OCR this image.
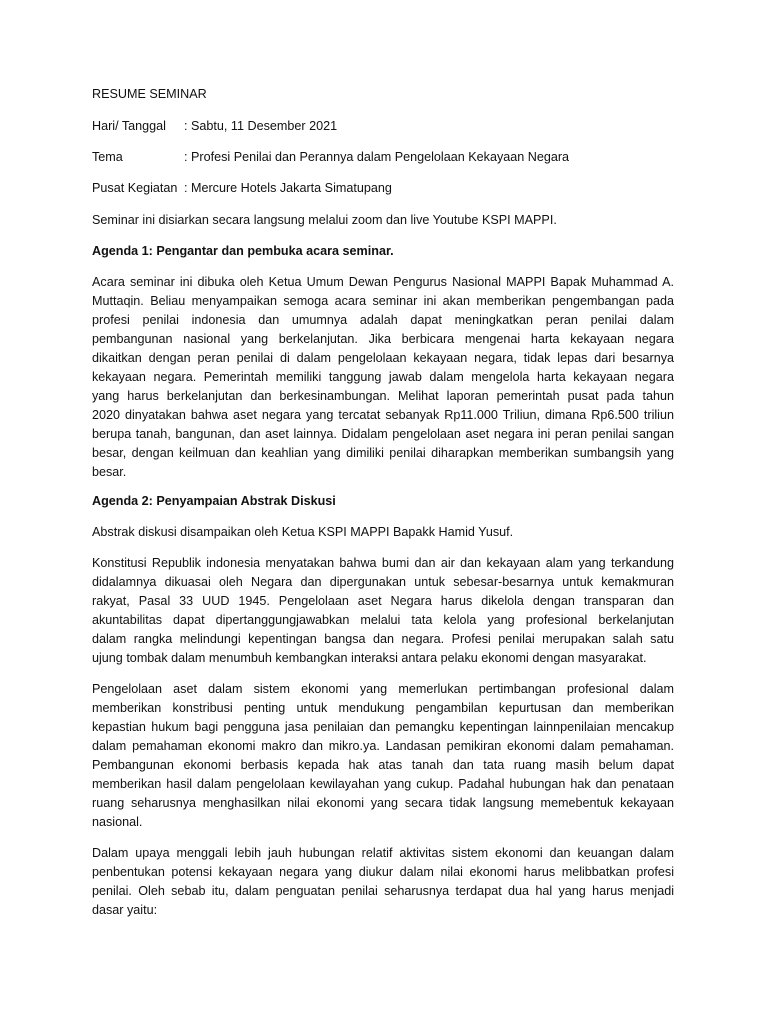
RESUME SEMINAR
Hari/ Tanggal : Sabtu, 11 Desember 2021
Tema	: Profesi Penilai dan Perannya dalam Pengelolaan Kekayaan Negara
Pusat Kegiatan : Mercure Hotels Jakarta Simatupang
Seminar ini disiarkan secara langsung melalui zoom dan live Youtube KSPI MAPPI.
Agenda 1: Pengantar dan pembuka acara seminar.
Acara seminar ini dibuka oleh Ketua Umum Dewan Pengurus Nasional MAPPI Bapak Muhammad A.
Muttaqin. Beliau menyampaikan semoga acara seminar ini akan memberikan pengembangan pada
profesi penilai indonesia dan umumnya adalah dapat meningkatkan peran penilai dalam
pembangunan nasional yang berkelanjutan. Jika berbicara mengenai harta kekayaan negara
dikaitkan dengan peran penilai di dalam pengelolaan kekayaan negara, tidak lepas dari besarnya
kekayaan negara. Pemerintah memiliki tanggung jawab dalam mengelola harta kekayaan negara
yang harus berkelanjutan dan berkesinambungan. Melihat laporan pemerintah pusat pada tahun
2020 dinyatakan bahwa aset negara yang tercatat sebanyak Rp11.000 Triliun, dimana Rp6.500 triliun
berupa tanah, bangunan, dan aset lainnya. Didalam pengelolaan aset negara ini peran penilai sangan
besar, dengan keilmuan dan keahlian yang dimiliki penilai diharapkan memberikan sumbangsih yang
besar.
Agenda 2: Penyampaian Abstrak Diskusi
Abstrak diskusi disampaikan oleh Ketua KSPI MAPPI Bapakk Hamid Yusuf.
Konstitusi Republik indonesia menyatakan bahwa bumi dan air dan kekayaan alam yang terkandung
didalamnya dikuasai oleh Negara dan dipergunakan untuk sebesar-besarnya untuk kemakmuran
rakyat, Pasal 33 UUD 1945. Pengelolaan aset Negara harus dikelola dengan transparan dan
akuntabilitas dapat dipertanggungjawabkan melalui tata kelola yang profesional berkelanjutan
dalam rangka melindungi kepentingan bangsa dan negara. Profesi penilai merupakan salah satu
ujung tombak dalam menumbuh kembangkan interaksi antara pelaku ekonomi dengan masyarakat.
Pengelolaan aset dalam sistem ekonomi yang memerlukan pertimbangan profesional dalam
memberikan konstribusi penting untuk mendukung pengambilan kepurtusan dan memberikan
kepastian hukum bagi pengguna jasa penilaian dan pemangku kepentingan lainnpenilaian mencakup
dalam pemahaman ekonomi makro dan mikro.ya. Landasan pemikiran ekonomi dalam pemahaman.
Pembangunan ekonomi berbasis kepada hak atas tanah dan tata ruang masih belum dapat
memberikan hasil dalam pengelolaan kewilayahan yang cukup. Padahal hubungan hak dan penataan
ruang seharusnya menghasilkan nilai ekonomi yang secara tidak langsung memebentuk kekayaan
nasional.
Dalam upaya menggali lebih jauh hubungan relatif aktivitas sistem ekonomi dan keuangan dalam
penbentukan potensi kekayaan negara yang diukur dalam nilai ekonomi harus melibbatkan profesi
penilai. Oleh sebab itu, dalam penguatan penilai seharusnya terdapat dua hal yang harus menjadi
dasar yaitu:
